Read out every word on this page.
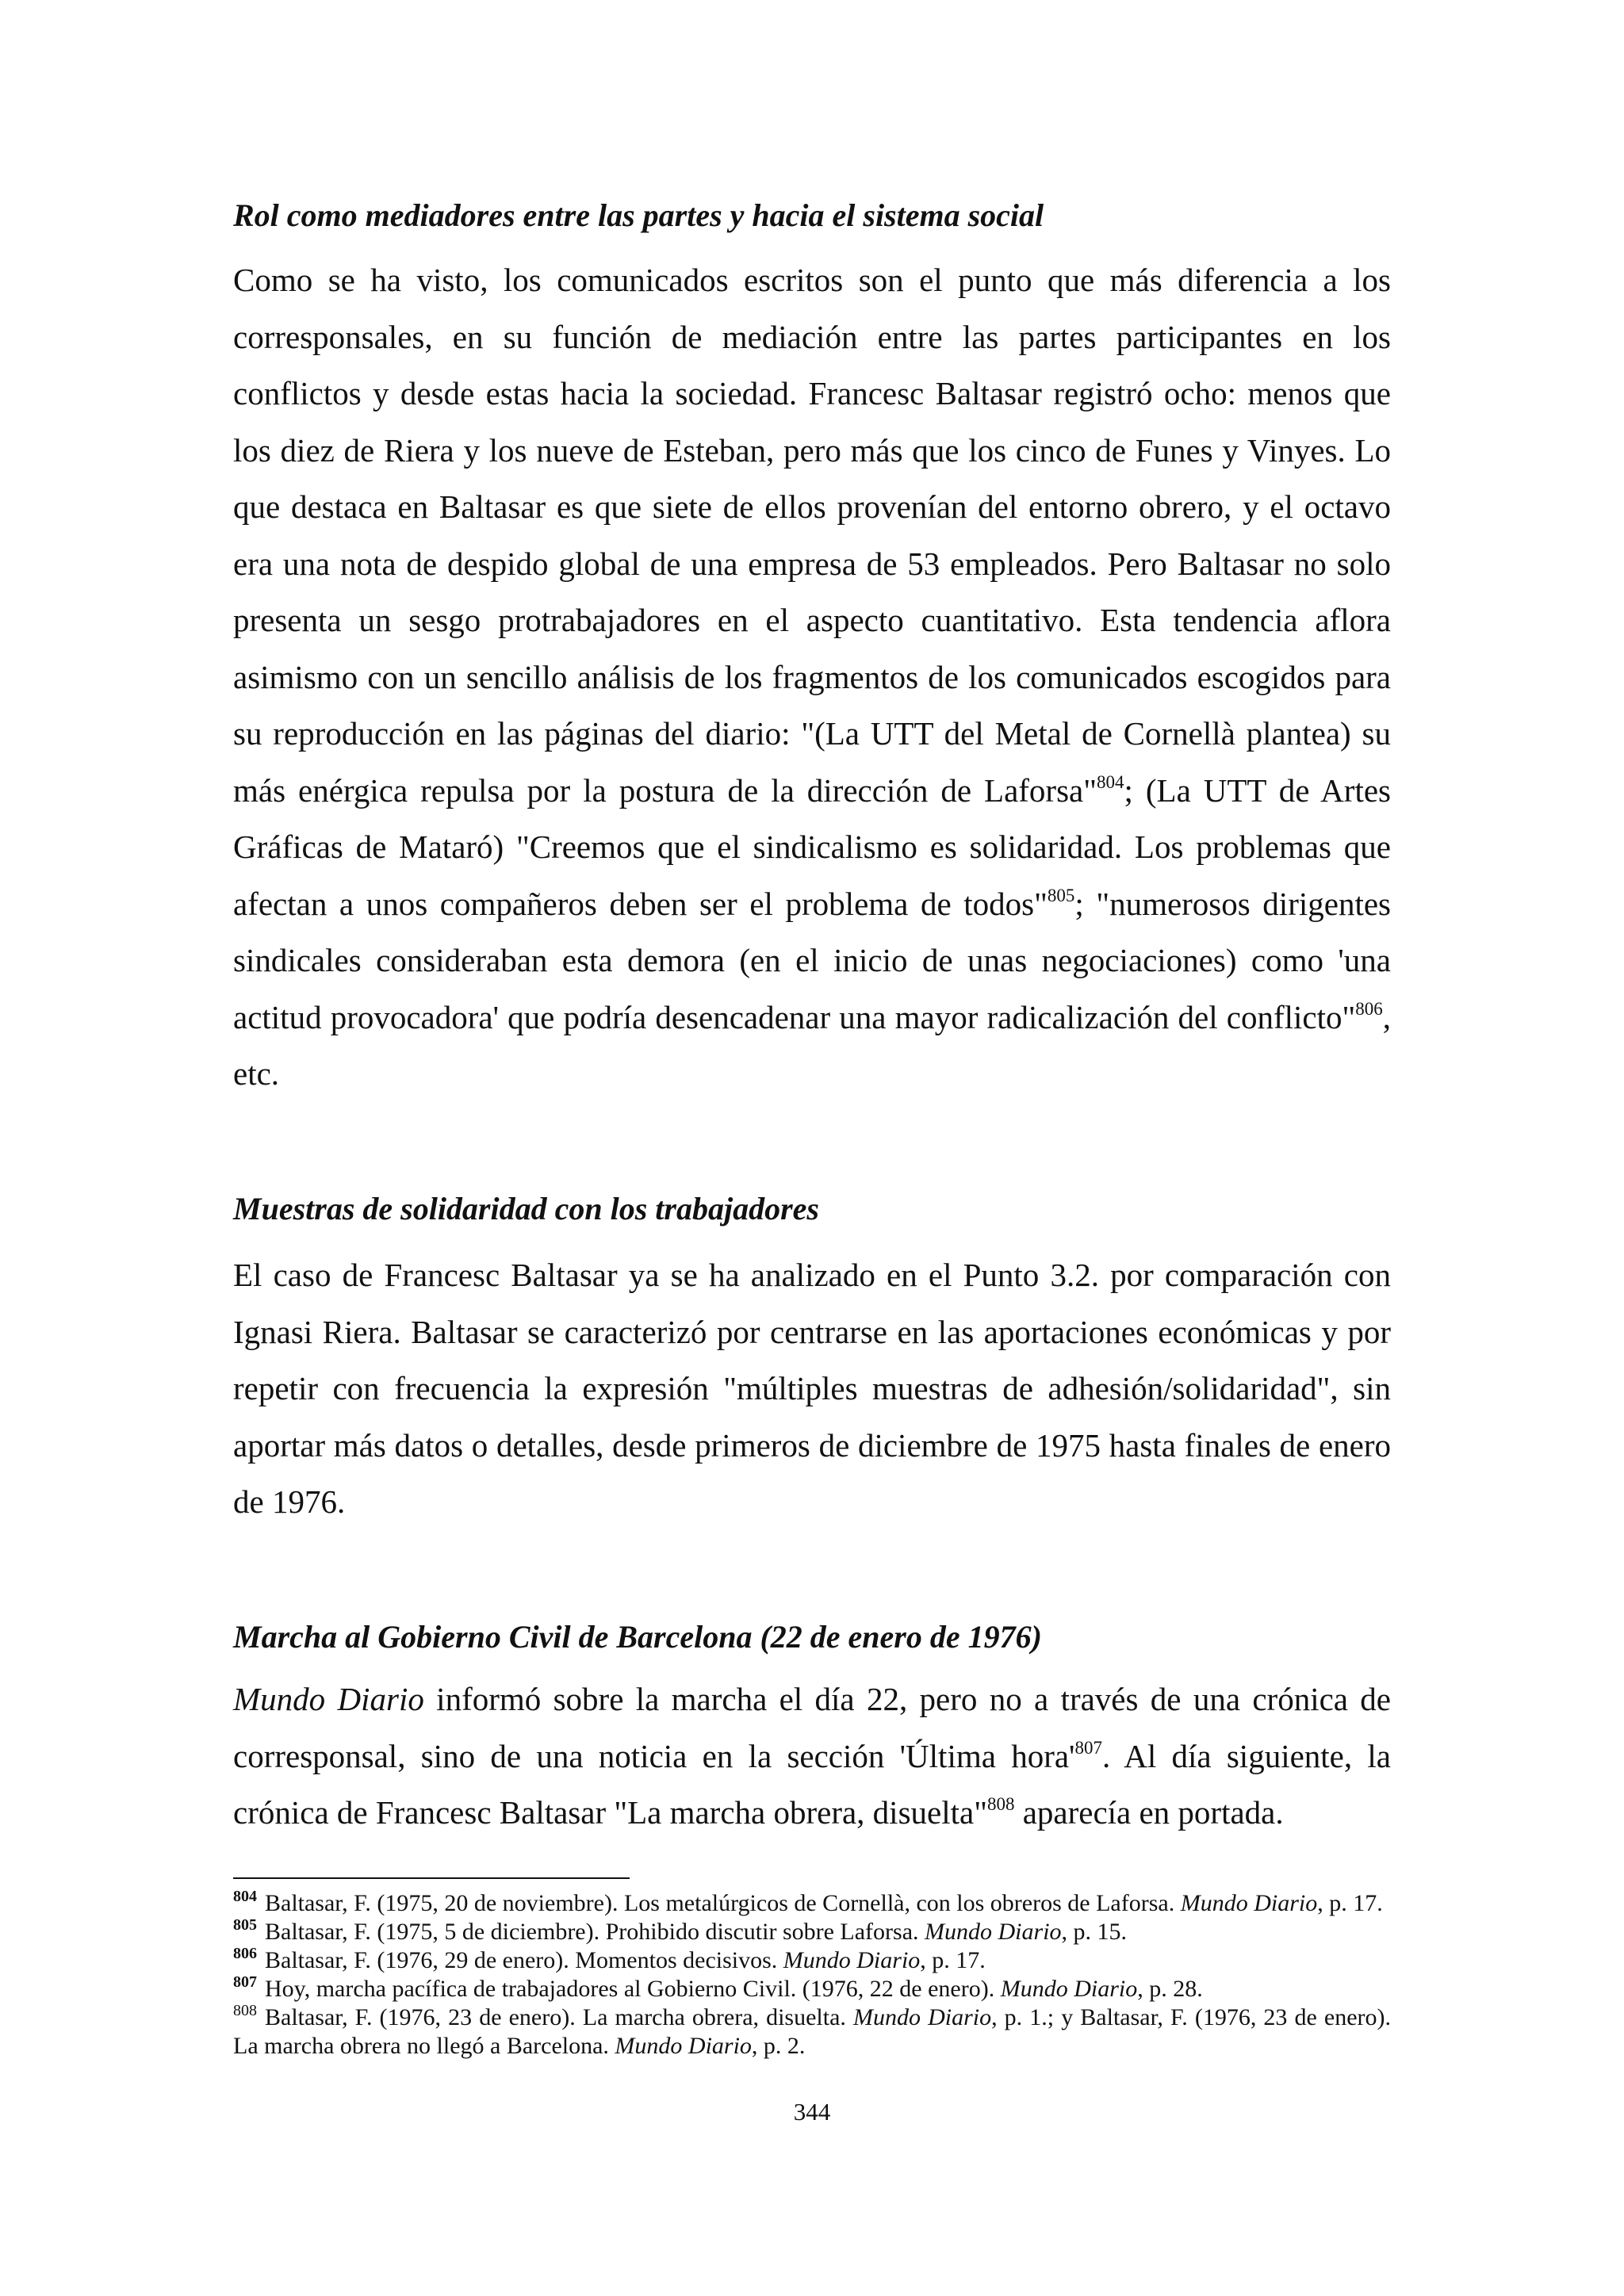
Rol como mediadores entre las partes y hacia el sistema social

Como se ha visto, los comunicados escritos son el punto que más diferencia a los corresponsales, en su función de mediación entre las partes participantes en los conflictos y desde estas hacia la sociedad. Francesc Baltasar registró ocho: menos que los diez de Riera y los nueve de Esteban, pero más que los cinco de Funes y Vinyes. Lo que destaca en Baltasar es que siete de ellos provenían del entorno obrero, y el octavo era una nota de despido global de una empresa de 53 empleados. Pero Baltasar no solo presenta un sesgo protrabajadores en el aspecto cuantitativo. Esta tendencia aflora asimismo con un sencillo análisis de los fragmentos de los comunicados escogidos para su reproducción en las páginas del diario: "(La UTT del Metal de Cornellà plantea) su más enérgica repulsa por la postura de la dirección de Laforsa"$^{804}$; (La UTT de Artes Gráficas de Mataró) "Creemos que el sindicalismo es solidaridad. Los problemas que afectan a unos compañeros deben ser el problema de todos"$^{805}$; "numerosos dirigentes sindicales consideraban esta demora (en el inicio de unas negociaciones) como 'una actitud provocadora' que podría desencadenar una mayor radicalización del conflicto"$^{806}$, etc.

Muestras de solidaridad con los trabajadores

El caso de Francesc Baltasar ya se ha analizado en el Punto 3.2. por comparación con Ignasi Riera. Baltasar se caracterizó por centrarse en las aportaciones económicas y por repetir con frecuencia la expresión "múltiples muestras de adhesión/solidaridad", sin aportar más datos o detalles, desde primeros de diciembre de 1975 hasta finales de enero de 1976.

Marcha al Gobierno Civil de Barcelona (22 de enero de 1976)

Mundo Diario informó sobre la marcha el día 22, pero no a través de una crónica de corresponsal, sino de una noticia en la sección 'Última $hora'^{807}$. Al día siguiente, la crónica de Francesc Baltasar "La marcha obrera, disuelta"$^{808}$ aparecía en portada.

$^{804}$ Baltasar, F. (1975, 20 de noviembre). Los metalúrgicos de Cornellà, con los obreros de Laforsa. Mundo Diario, p. 17.

$^{805}$ Baltasar, F. (1975, 5 de diciembre). Prohibido discutir sobre Laforsa. Mundo Diario, p. 15.

$^{806}$ Baltasar, F. (1976, 29 de enero). Momentos decisivos. Mundo Diario, p. 17.

$^{807}$ Hoy, marcha pacífica de trabajadores al Gobierno Civil. (1976, 22 de enero). Mundo Diario, p. 28.

$^{808}$ Baltasar, F. (1976, 23 de enero). La marcha obrera, disuelta. Mundo Diario, p. 1.; y Baltasar, F. (1976, 23 de enero). La marcha obrera no llegó a Barcelona. Mundo Diario, p. 2.

344
